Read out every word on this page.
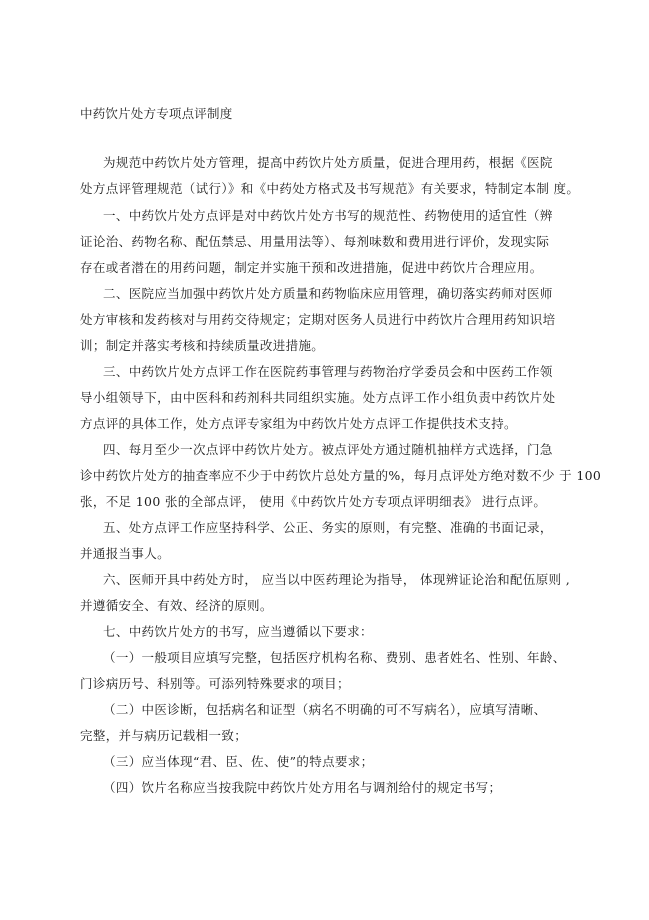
中药饮片处方专项点评制度
为规范中药饮片处方管理，提高中药饮片处方质量，促进合理用药，根据《医院
处方点评管理规范（试行）》和《中药处方格式及书写规范》有关要求，特制定本制 度。
一、中药饮片处方点评是对中药饮片处方书写的规范性、药物使用的适宜性（辨
证论治、药物名称、配伍禁忌、用量用法等）、每剂味数和费用进行评价，发现实际
存在或者潜在的用药问题，制定并实施干预和改进措施，促进中药饮片合理应用。
二、医院应当加强中药饮片处方质量和药物临床应用管理，确切落实药师对医师
处方审核和发药核对与用药交待规定；定期对医务人员进行中药饮片合理用药知识培
训；制定并落实考核和持续质量改进措施。
三、中药饮片处方点评工作在医院药事管理与药物治疗学委员会和中医药工作领
导小组领导下，由中医科和药剂科共同组织实施。处方点评工作小组负责中药饮片处
方点评的具体工作，处方点评专家组为中药饮片处方点评工作提供技术支持。
四、每月至少一次点评中药饮片处方。被点评处方通过随机抽样方式选择，门急
诊中药饮片处方的抽查率应不少于中药饮片总处方量的%，每月点评处方绝对数不少 于 100
张，不足 100 张的全部点评， 使用《中药饮片处方专项点评明细表》 进行点评。
五、处方点评工作应坚持科学、公正、务实的原则，有完整、准确的书面记录，
并通报当事人。
六、医师开具中药处方时， 应当以中医药理论为指导， 体现辨证论治和配伍原则 ,
并遵循安全、有效、经济的原则。
七、中药饮片处方的书写，应当遵循以下要求：
（一）一般项目应填写完整，包括医疗机构名称、费别、患者姓名、性别、年龄、
门诊病历号、科别等。可添列特殊要求的项目；
（二）中医诊断，包括病名和证型（病名不明确的可不写病名），应填写清晰、
完整，并与病历记载相一致；
（三）应当体现“君、臣、佐、使”的特点要求；
（四）饮片名称应当按我院中药饮片处方用名与调剂给付的规定书写；
